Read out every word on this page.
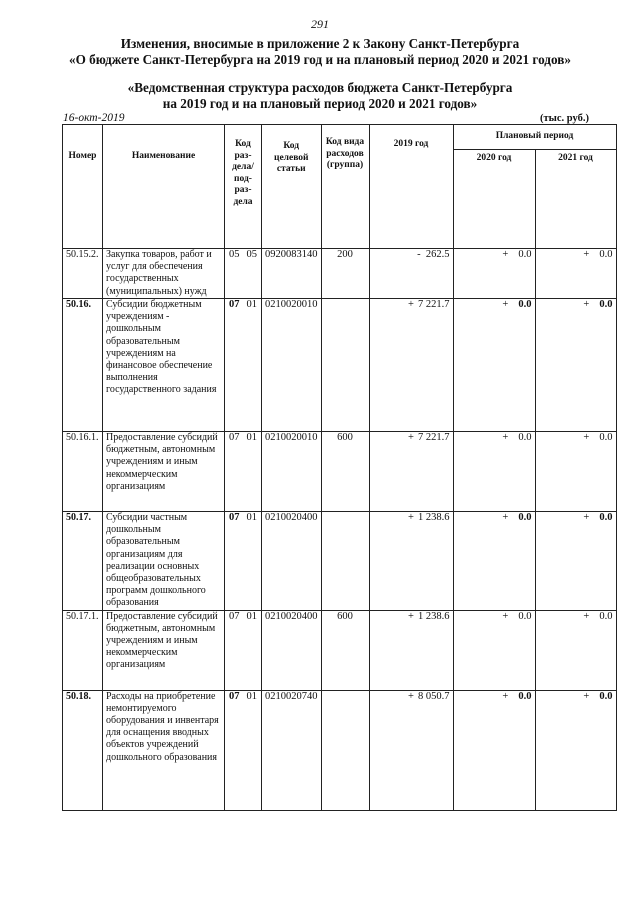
291
Изменения, вносимые в приложение 2 к Закону Санкт-Петербурга
«О бюджете Санкт-Петербурга на 2019 год и на плановый период 2020 и 2021 годов»
«Ведомственная структура расходов бюджета Санкт-Петербурга
на 2019 год и на плановый период 2020 и 2021 годов»
16-окт-2019	(тыс. руб.)
Номер	Наименование	Код раз- дела/ под- раз- дела	Код целевой статьи	Код вида расходов (группа)	2019 год	Плановый период	
						2020 год	2021 год
50.15.2.	Закупка товаров, работ и услуг для обеспечения государственных (муниципальных) нужд	05 05	0920083140	200	- 262.5	+ 0.0	+ 0.0
50.16.	Субсидии бюджетным учреждениям - дошкольным образовательным учреждениям на финансовое обеспечение выполнения государственного задания	07 01	0210020010		+ 7 221.7	+ 0.0	+ 0.0
50.16.1.	Предоставление субсидий бюджетным, автономным учреждениям и иным некоммерческим организациям	07 01	0210020010	600	+ 7 221.7	+ 0.0	+ 0.0
50.17.	Субсидии частным дошкольным образовательным организациям для реализации основных общеобразовательных программ дошкольного образования	07 01	0210020400		+ 1 238.6	+ 0.0	+ 0.0
50.17.1.	Предоставление субсидий бюджетным, автономным учреждениям и иным некоммерческим организациям	07 01	0210020400	600	+ 1 238.6	+ 0.0	+ 0.0
50.18.	Расходы на приобретение немонтируемого оборудования и инвентаря для оснащения вводных объектов учреждений дошкольного образования	07 01	0210020740		+ 8 050.7	+ 0.0	+ 0.0
